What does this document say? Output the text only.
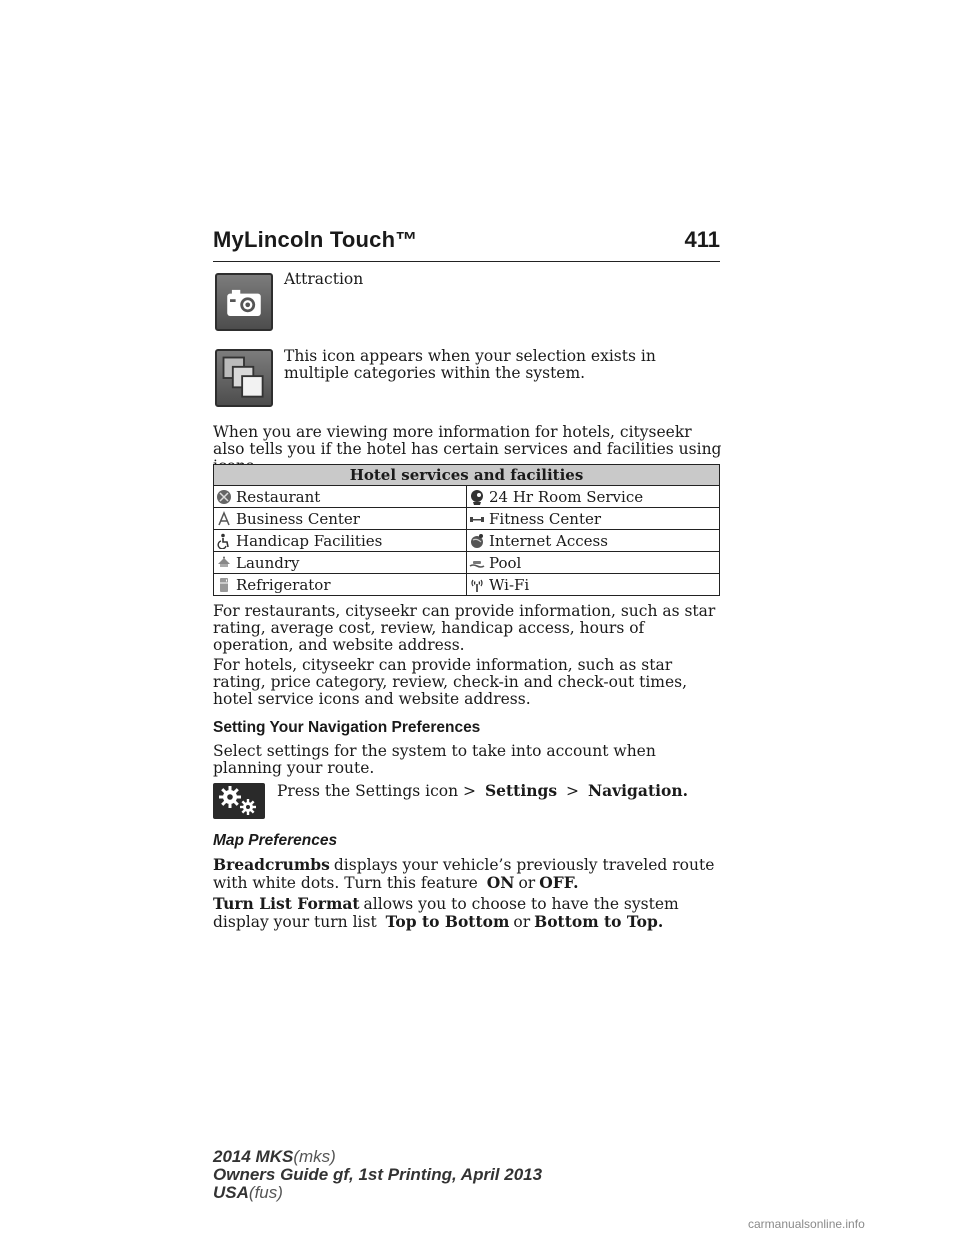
MyLincoln Touch™	411
Attraction
This icon appears when your selection exists in multiple categories within the system.
When you are viewing more information for hotels, cityseekr also tells you if the hotel has certain services and facilities using
Hotel services and facilities	
Restaurant	24 Hr Room Service
Business Center	Fitness Center
Handicap Facilities	Internet Access
Laundry	Pool
Refrigerator	Wi-Fi
For restaurants, cityseekr can provide information, such as star rating, average cost, review, handicap access, hours of operation, and website address.
For hotels, cityseekr can provide information, such as star rating, price category, review, check-in and check-out times, hotel service icons and website address.
Setting Your Navigation Preferences
Select settings for the system to take into account when planning your route.
Press the Settings icon > Settings > Navigation.
Map Preferences
Breadcrumbs displays your vehicle’s previously traveled route with white dots. Turn this feature ON or OFF.
Turn List Format allows you to choose to have the system display your turn list Top to Bottom or Bottom to Top.
2014 MKS(mks)
Owners Guide gf, 1st Printing, April 2013
USA(fus)
carmanualsonline.info
